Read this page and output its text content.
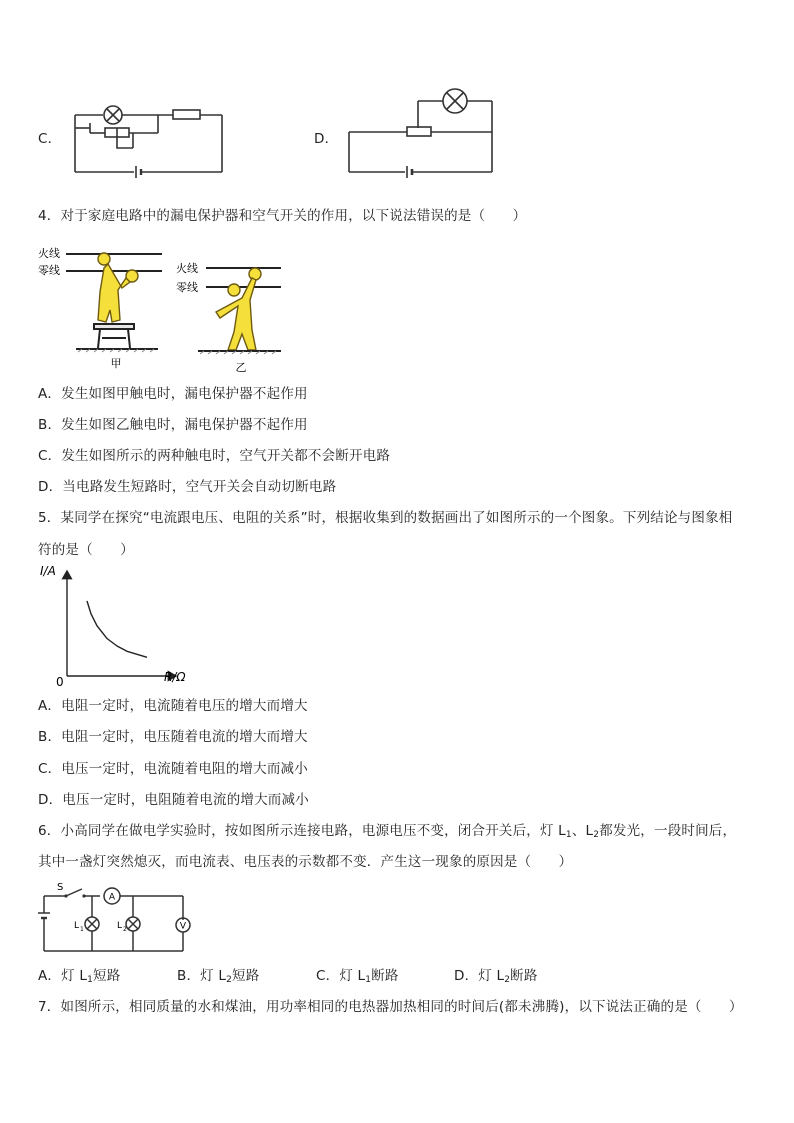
C．	D．
4．对于家庭电路中的漏电保护器和空气开关的作用，以下说法错误的是（　　）
火线
零线
甲
火线
零线
乙
A．发生如图甲触电时，漏电保护器不起作用
B．发生如图乙触电时，漏电保护器不起作用
C．发生如图所示的两种触电时，空气开关都不会断开电路
D．当电路发生短路时，空气开关会自动切断电路
5．某同学在探究“电流跟电压、电阻的关系”时，根据收集到的数据画出了如图所示的一个图象。下列结论与图象相
符的是（　　）
I/A
R/Ω
0
A．电阻一定时，电流随着电压的增大而增大
B．电阻一定时，电压随着电流的增大而增大
C．电压一定时，电流随着电阻的增大而减小
D．电压一定时，电阻随着电流的增大而减小
6．小高同学在做电学实验时，按如图所示连接电路，电源电压不变，闭合开关后，灯 $L_1$、$L_2$都发光，一段时间后，
其中一盏灯突然熄灭，而电流表、电压表的示数都不变．产生这一现象的原因是（　　）
S
A
V
L 1	L 2
A．灯 $L_1$短路	B．灯 $L_2$短路	C．灯 $L_1$断路	D．灯 $L_2$断路
7．如图所示，相同质量的水和煤油，用功率相同的电热器加热相同的时间后(都未沸腾)，以下说法正确的是（　　）
